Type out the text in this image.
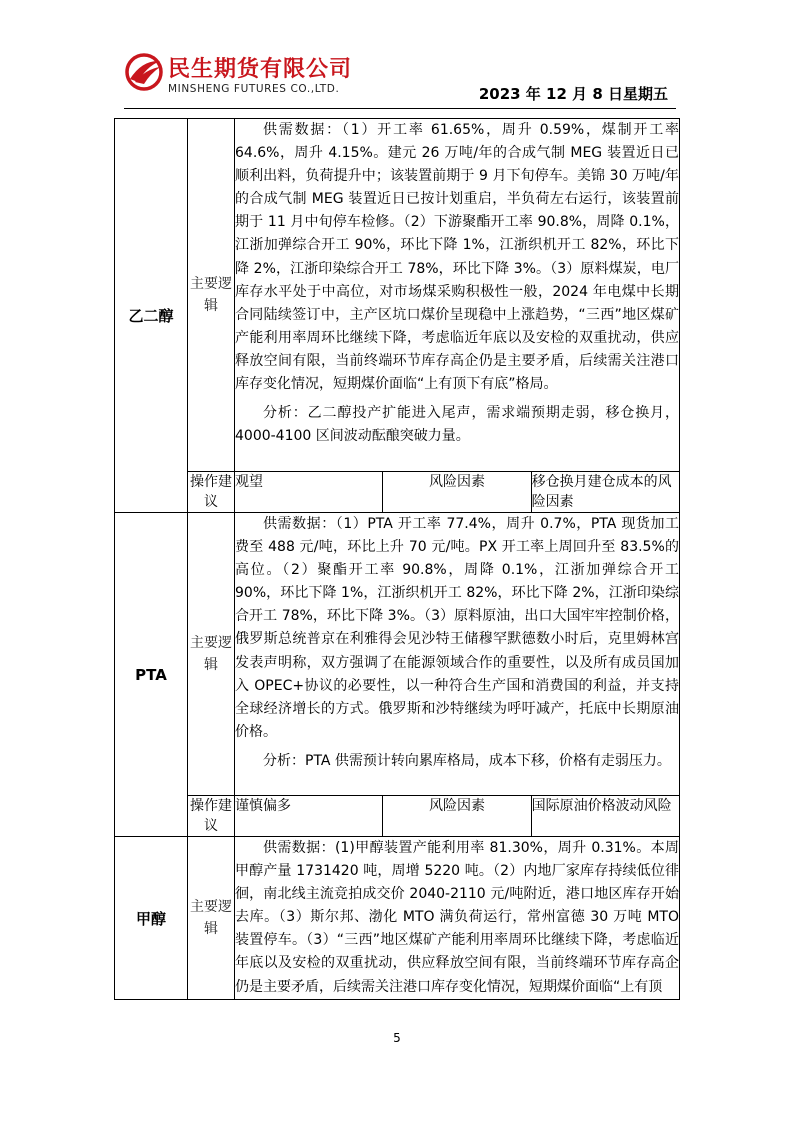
民生期货有限公司
MINSHENG FUTURES CO.,LTD.	2023 年 12 月 8 日星期五
乙二醇	主要逻辑	供需数据：（1）开工率 61.65%，周升 0.59%，煤制开工率 64.6%，周升 4.15%。建元 26 万吨/年的合成气制 MEG 装置近日已顺利出料，负荷提升中；该装置前期于 9 月下旬停车。美锦 30 万吨/年的合成气制 MEG 装置近日已按计划重启，半负荷左右运行，该装置前期于 11 月中旬停车检修。（2）下游聚酯开工率 90.8%，周降 0.1%，江浙加弹综合开工 90%，环比下降 1%，江浙织机开工 82%，环比下降 2%，江浙印染综合开工 78%，环比下降 3%。（3）原料煤炭，电厂库存水平处于中高位，对市场煤采购积极性一般，2024 年电煤中长期合同陆续签订中，主产区坑口煤价呈现稳中上涨趋势，“三西”地区煤矿产能利用率周环比继续下降，考虑临近年底以及安检的双重扰动，供应释放空间有限，当前终端环节库存高企仍是主要矛盾，后续需关注港口库存变化情况，短期煤价面临“上有顶下有底”格局。

分析：乙二醇投产扩能进入尾声，需求端预期走弱，移仓换月，4000-4100 区间波动酝酿突破力量。		

	操作建议	观望	风险因素	移仓换月建仓成本的风险因素
PTA	主要逻辑	供需数据：（1）PTA 开工率 77.4%，周升 0.7%，PTA 现货加工费至 488 元/吨，环比上升 70 元/吨。PX 开工率上周回升至 83.5%的高位。（2）聚酯开工率 90.8%，周降 0.1%，江浙加弹综合开工 90%，环比下降 1%，江浙织机开工 82%，环比下降 2%，江浙印染综合开工 78%，环比下降 3%。（3）原料原油，出口大国牢牢控制价格，俄罗斯总统普京在利雅得会见沙特王储穆罕默德数小时后，克里姆林宫发表声明称，双方强调了在能源领域合作的重要性，以及所有成员国加入 OPEC+协议的必要性，以一种符合生产国和消费国的利益，并支持全球经济增长的方式。俄罗斯和沙特继续为呼吁减产，托底中长期原油价格。

分析：PTA 供需预计转向累库格局，成本下移，价格有走弱压力。		

	操作建议	谨慎偏多	风险因素	国际原油价格波动风险
甲醇	主要逻辑	供需数据：(1)甲醇装置产能利用率 81.30%，周升 0.31%。本周甲醇产量 1731420 吨，周增 5220 吨。（2）内地厂家库存持续低位徘徊，南北线主流竞拍成交价 2040-2110 元/吨附近，港口地区库存开始去库。（3）斯尔邦、渤化 MTO 满负荷运行，常州富德 30 万吨 MTO 装置停车。（3）“三西”地区煤矿产能利用率周环比继续下降，考虑临近年底以及安检的双重扰动，供应释放空间有限，当前终端环节库存高企仍是主要矛盾，后续需关注港口库存变化情况，短期煤价面临“上有顶		

5
